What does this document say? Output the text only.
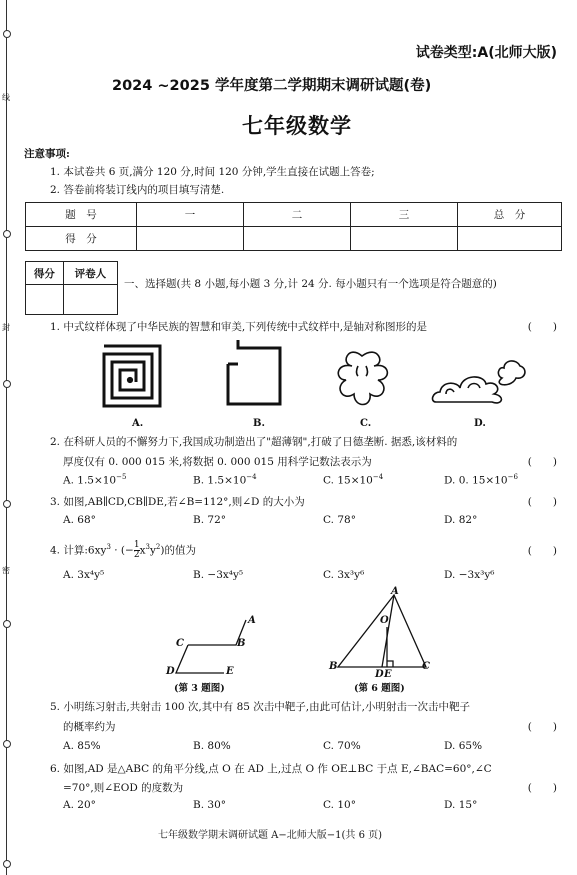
线
封
密
试卷类型:A(北师大版)
2024 ~2025 学年度第二学期期末调研试题(卷)
七年级数学
注意事项:
1. 本试卷共 6 页,满分 120 分,时间 120 分钟,学生直接在试题上答卷;
2. 答卷前将装订线内的项目填写清楚.
题　号	一	二	三	总　分
得　分				
得分	评卷人

一、选择题(共 8 小题,每小题 3 分,计 24 分. 每小题只有一个选项是符合题意的)
1. 中式纹样体现了中华民族的智慧和审美,下列传统中式纹样中,是轴对称图形的是	(　　)
A.	B.	C.	D.
2. 在科研人员的不懈努力下,我国成功制造出了"超薄钢",打破了日德垄断. 据悉,该材料的
厚度仅有 0. 000 015 米,将数据 0. 000 015 用科学记数法表示为	(　　)
A. $1.5\times 10^{-5}$	B. $1.5\times 10^{-4}$	C. $15\times 10^{-4}$	D. 0. $15\times 10^{-6}$
3. 如图,AB∥CD,CB∥DE,若∠B=112°,则∠D 的大小为	(　　)
A. 68°	B. 72°	C. 78°	D. 82°
4. 计算$:6xy^3$ · (− $\frac{1}{2} x^3y^2$)的值为	(　　)
A. 3x⁴y⁵	B. −3x⁴y⁵	C. 3x³y⁶	D. −3x³y⁶
A
B
C
D	E
(第 3 题图)
A
O
B
D E
C
(第 6 题图)
5. 小明练习射击,共射击 100 次,其中有 85 次击中靶子,由此可估计,小明射击一次击中靶子
的概率约为	(　　)
A. 85%	B. 80%	C. 70%	D. 65%
6. 如图,AD 是△ABC 的角平分线,点 O 在 AD 上,过点 O 作 OE⊥BC 于点 E,∠BAC=60°,∠C
=70°,则∠EOD 的度数为	(　　)
A. 20°	B. 30°	C. 10°	D. 15°
七年级数学期末调研试题 A−北师大版−1(共 6 页)
